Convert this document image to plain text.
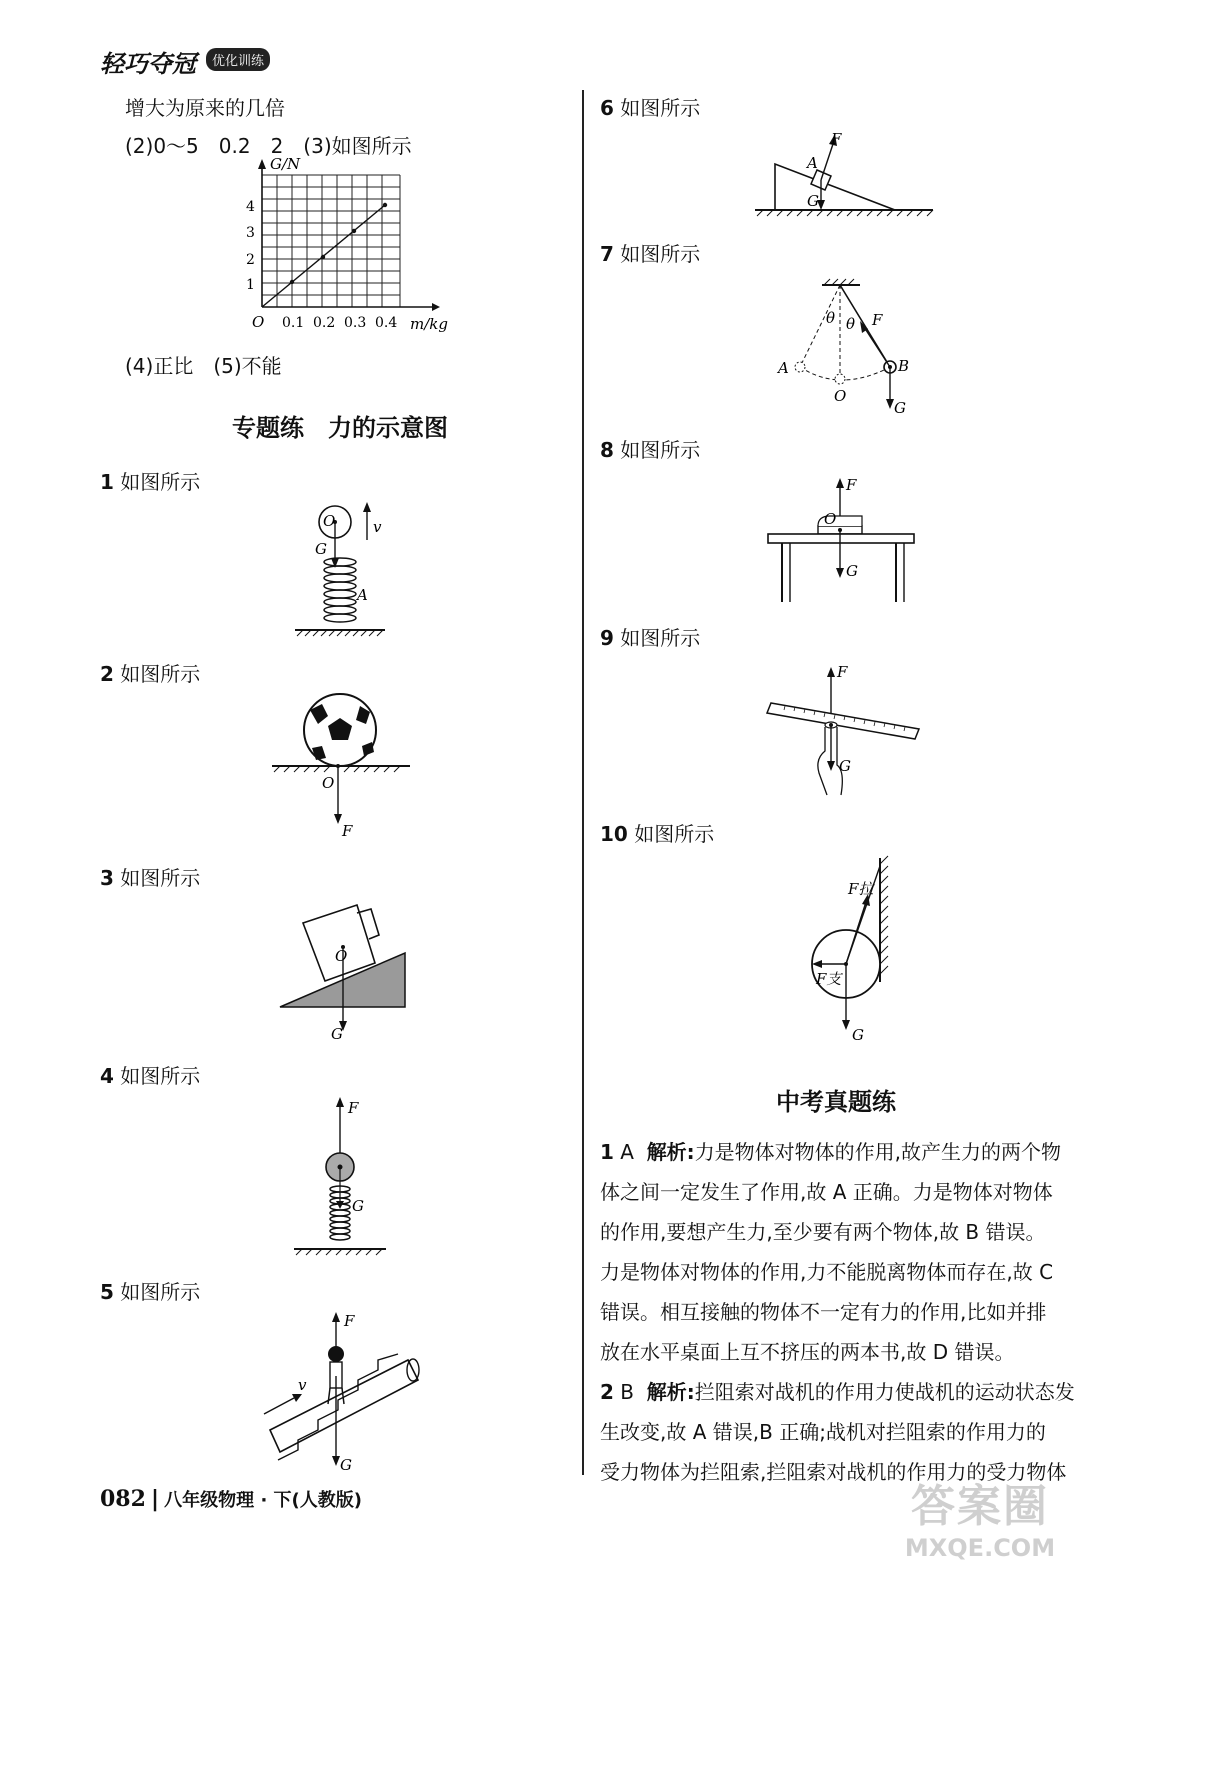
轻巧夺冠	优化训练
增大为原来的几倍
(2)0～5　0.2　2　(3)如图所示
G/N
O	m/kg
0.1 0.2 0.3 0.4
1
2
3
4
(4)正比　(5)不能
专题练　力的示意图
1 如图所示
O	v
G
A
2 如图所示
O
F
3 如图所示
O
G
4 如图所示
F
G
5 如图所示
F
v
G
6 如图所示
F
A
G
7 如图所示
θ θ F
A
O
B
G
8 如图所示
F
O
G
9 如图所示
F
G
10 如图所示
F拉
F支
G
中考真题练
1 A 解析:力是物体对物体的作用,故产生力的两个物
体之间一定发生了作用,故 A 正确。力是物体对物体
的作用,要想产生力,至少要有两个物体,故 B 错误。
力是物体对物体的作用,力不能脱离物体而存在,故 C
错误。相互接触的物体不一定有力的作用,比如并排
放在水平桌面上互不挤压的两本书,故 D 错误。
2 B 解析:拦阻索对战机的作用力使战机的运动状态发
生改变,故 A 错误,B 正确;战机对拦阻索的作用力的
受力物体为拦阻索,拦阻索对战机的作用力的受力物体
082 | 八年级物理 · 下(人教版)	答案圈
MXQE.COM
